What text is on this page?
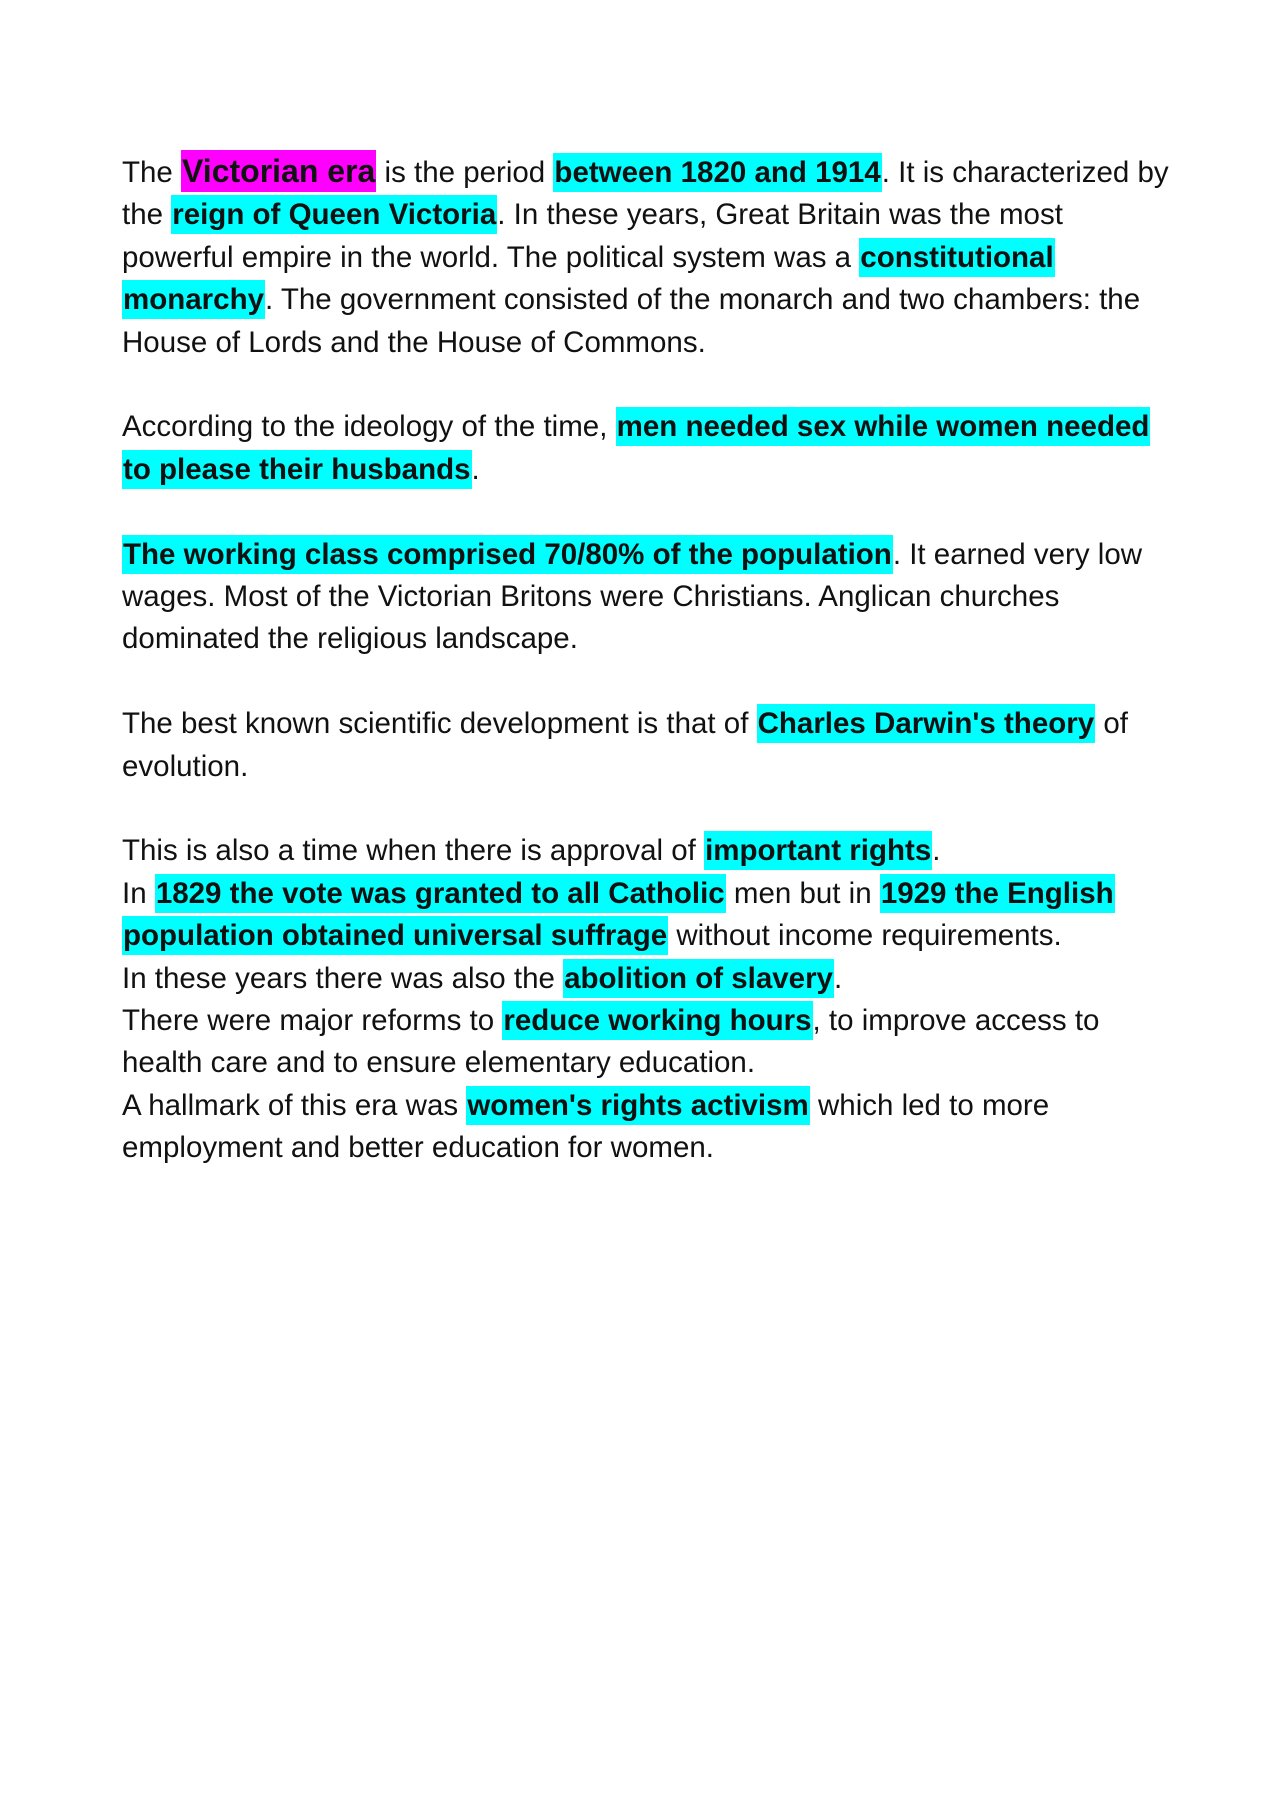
The Victorian era is the period between 1820 and 1914. It is characterized by the reign of Queen Victoria. In these years, Great Britain was the most powerful empire in the world. The political system was a constitutional monarchy. The government consisted of the monarch and two chambers: the House of Lords and the House of Commons.

According to the ideology of the time, men needed sex while women needed to please their husbands.

The working class comprised 70/80% of the population. It earned very low wages. Most of the Victorian Britons were Christians. Anglican churches dominated the religious landscape.

The best known scientific development is that of Charles Darwin's theory of evolution.

This is also a time when there is approval of important rights.

In 1829 the vote was granted to all Catholic men but in 1929 the English population obtained universal suffrage without income requirements.

In these years there was also the abolition of slavery.

There were major reforms to reduce working hours, to improve access to health care and to ensure elementary education.

A hallmark of this era was women's rights activism which led to more employment and better education for women.
